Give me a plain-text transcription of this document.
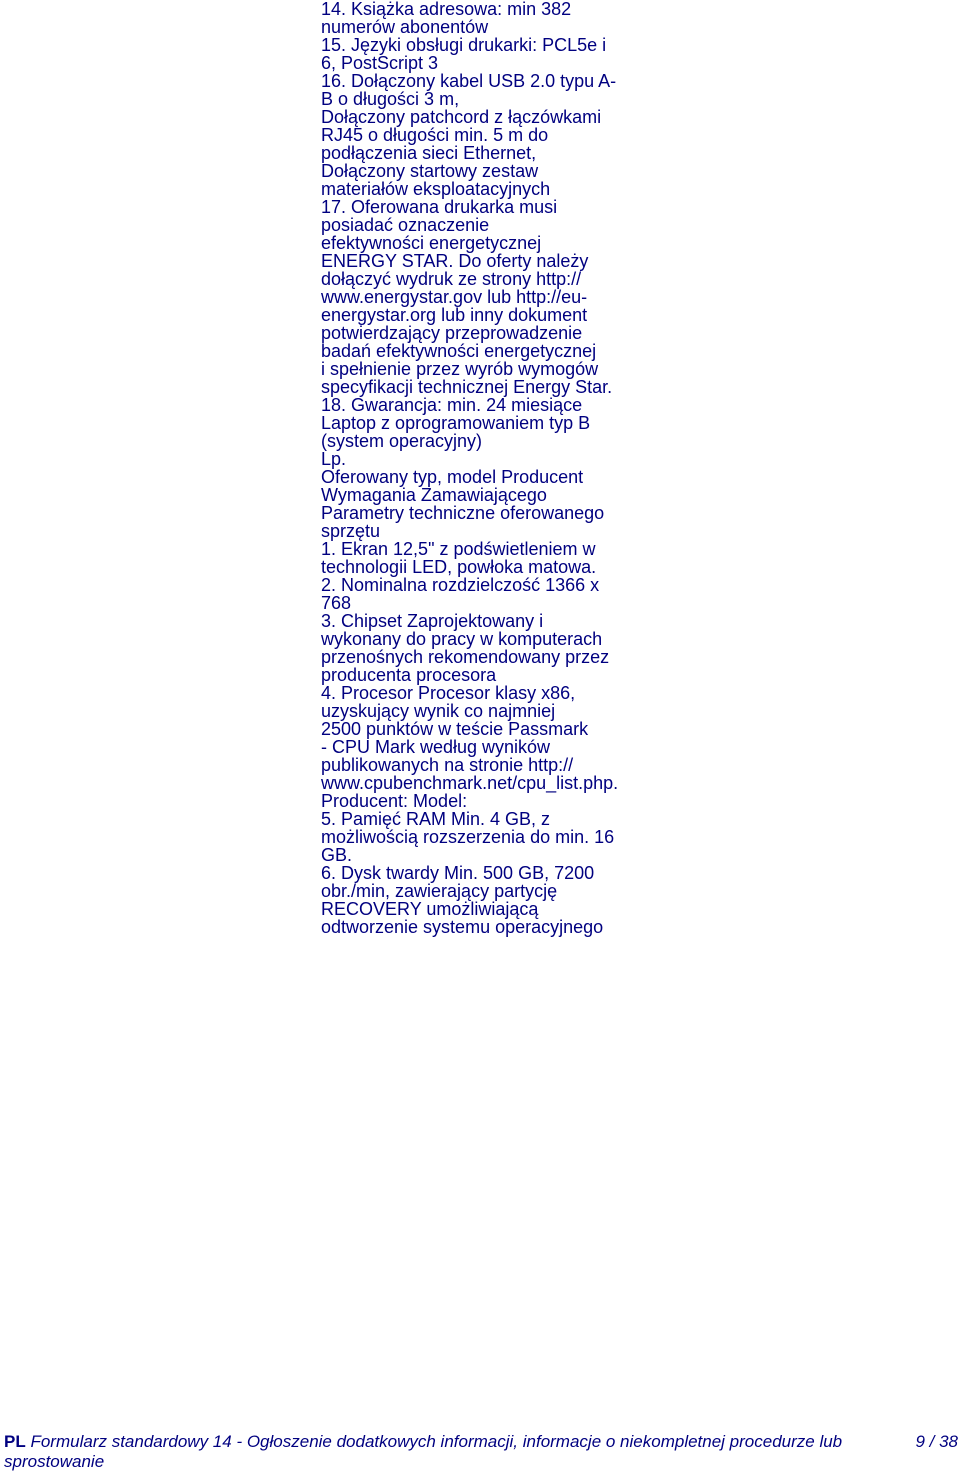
14. Książka adresowa: min 382
numerów abonentów
15. Języki obsługi drukarki: PCL5e i
6, PostScript 3
16. Dołączony kabel USB 2.0 typu A-
B o długości 3 m,
Dołączony patchcord z łączówkami
RJ45 o długości min. 5 m do
podłączenia sieci Ethernet,
Dołączony startowy zestaw
materiałów eksploatacyjnych
17. Oferowana drukarka musi
posiadać oznaczenie
efektywności energetycznej
ENERGY STAR. Do oferty należy
dołączyć wydruk ze strony http://
www.energystar.gov lub http://eu-
energystar.org lub inny dokument
potwierdzający przeprowadzenie
badań efektywności energetycznej
i spełnienie przez wyrób wymogów
specyfikacji technicznej Energy Star.
18. Gwarancja: min. 24 miesiące
Laptop z oprogramowaniem typ B
(system operacyjny)
Lp.
Oferowany typ, model Producent
Wymagania Zamawiającego
Parametry techniczne oferowanego
sprzętu
1. Ekran 12,5" z podświetleniem w
technologii LED, powłoka matowa.
2. Nominalna rozdzielczość 1366 x
768
3. Chipset Zaprojektowany i
wykonany do pracy w komputerach
przenośnych rekomendowany przez
producenta procesora
4. Procesor Procesor klasy x86,
uzyskujący wynik co najmniej
2500 punktów w teście Passmark
- CPU Mark według wyników
publikowanych na stronie http://
www.cpubenchmark.net/cpu_list.php.
Producent: Model:
5. Pamięć RAM Min. 4 GB, z
możliwością rozszerzenia do min. 16
GB.
6. Dysk twardy Min. 500 GB, 7200
obr./min, zawierający partycję
RECOVERY umożliwiającą
odtworzenie systemu operacyjnego
PL Formularz standardowy 14 - Ogłoszenie dodatkowych informacji, informacje o niekompletnej procedurze lub
sprostowanie
9 / 38
